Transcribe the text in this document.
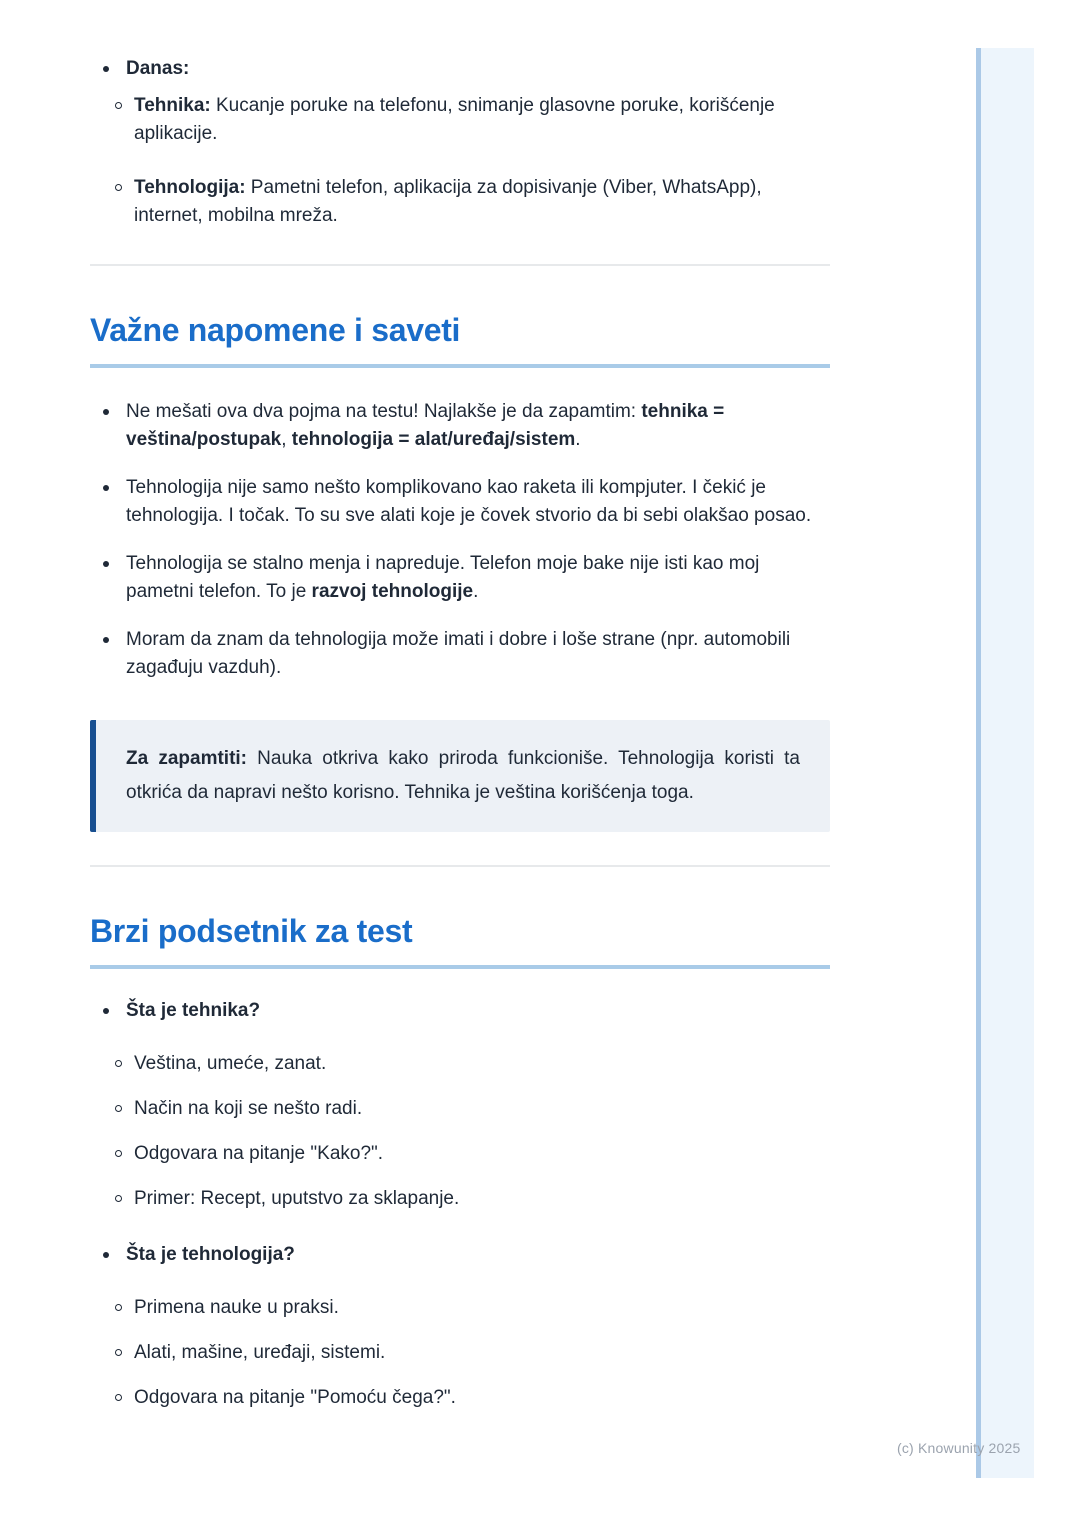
(c) Knowunity 2025
Danas:
Tehnika: Kucanje poruke na telefonu, snimanje glasovne poruke, korišćenje aplikacije.
Tehnologija: Pametni telefon, aplikacija za dopisivanje (Viber, WhatsApp), internet, mobilna mreža.
Važne napomene i saveti
Ne mešati ova dva pojma na testu! Najlakše je da zapamtim: tehnika = veština/postupak, tehnologija = alat/uređaj/sistem.
Tehnologija nije samo nešto komplikovano kao raketa ili kompjuter. I čekić je tehnologija. I točak. To su sve alati koje je čovek stvorio da bi sebi olakšao posao.
Tehnologija se stalno menja i napreduje. Telefon moje bake nije isti kao moj pametni telefon. To je razvoj tehnologije.
Moram da znam da tehnologija može imati i dobre i loše strane (npr. automobili zagađuju vazduh).

Za zapamtiti: Nauka otkriva kako priroda funkcioniše. Tehnologija koristi ta otkrića da napravi nešto korisno. Tehnika je veština korišćenja toga.

Brzi podsetnik za test
Šta je tehnika?
Veština, umeće, zanat.
Način na koji se nešto radi.
Odgovara na pitanje "Kako?".
Primer: Recept, uputstvo za sklapanje.
Šta je tehnologija?
Primena nauke u praksi.
Alati, mašine, uređaji, sistemi.
Odgovara na pitanje "Pomoću čega?".
